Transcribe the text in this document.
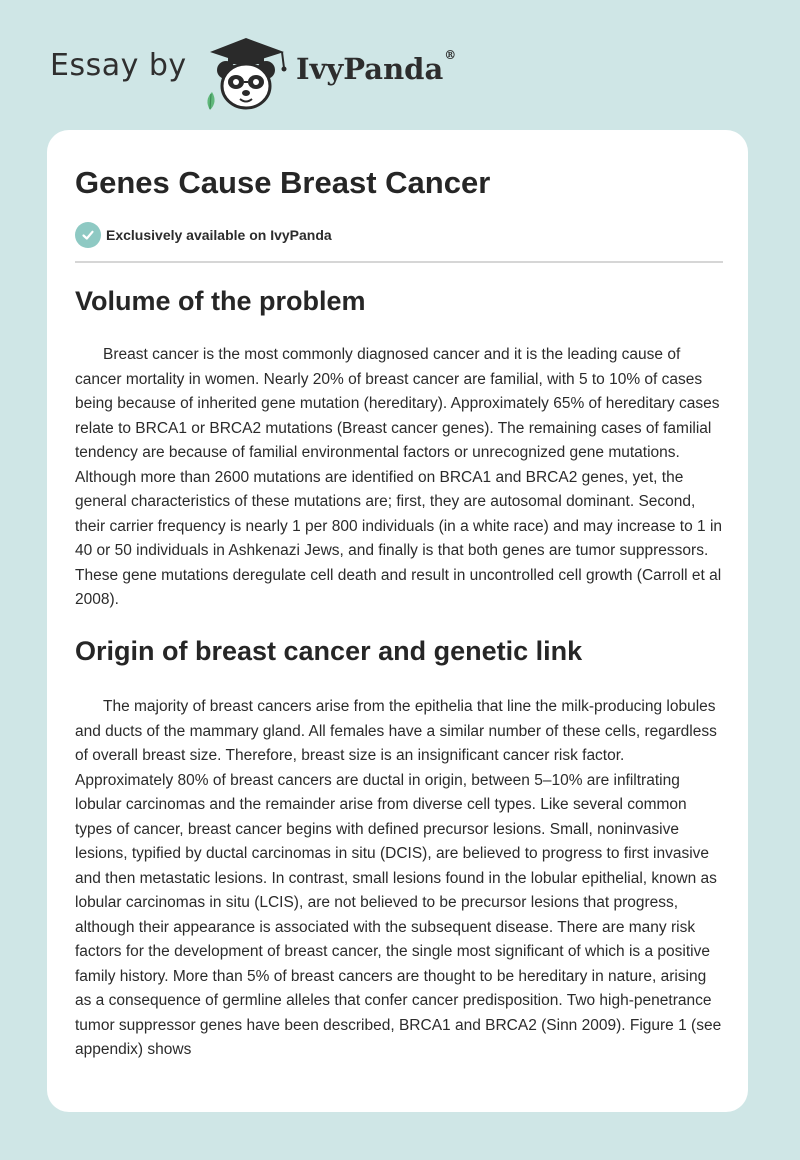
Essay by	IvyPanda®
Genes Cause Breast Cancer
Exclusively available on IvyPanda
Volume of the problem

Breast cancer is the most commonly diagnosed cancer and it is the leading cause of cancer mortality in women. Nearly 20% of breast cancer are familial, with 5 to 10% of cases being because of inherited gene mutation (hereditary). Approximately 65% of hereditary cases relate to BRCA1 or BRCA2 mutations (Breast cancer genes). The remaining cases of familial tendency are because of familial environmental factors or unrecognized gene mutations. Although more than 2600 mutations are identified on BRCA1 and BRCA2 genes, yet, the general characteristics of these mutations are; first, they are autosomal dominant. Second, their carrier frequency is nearly 1 per 800 individuals (in a white race) and may increase to 1 in 40 or 50 individuals in Ashkenazi Jews, and finally is that both genes are tumor suppressors. These gene mutations deregulate cell death and result in uncontrolled cell growth (Carroll et al 2008).

Origin of breast cancer and genetic link

The majority of breast cancers arise from the epithelia that line the milk-producing lobules and ducts of the mammary gland. All females have a similar number of these cells, regardless of overall breast size. Therefore, breast size is an insignificant cancer risk factor. Approximately 80% of breast cancers are ductal in origin, between 5–10% are infiltrating lobular carcinomas and the remainder arise from diverse cell types. Like several common types of cancer, breast cancer begins with defined precursor lesions. Small, noninvasive lesions, typified by ductal carcinomas in situ (DCIS), are believed to progress to first invasive and then metastatic lesions. In contrast, small lesions found in the lobular epithelial, known as lobular carcinomas in situ (LCIS), are not believed to be precursor lesions that progress, although their appearance is associated with the subsequent disease. There are many risk factors for the development of breast cancer, the single most significant of which is a positive family history. More than 5% of breast cancers are thought to be hereditary in nature, arising as a consequence of germline alleles that confer cancer predisposition. Two high-penetrance tumor suppressor genes have been described, BRCA1 and BRCA2 (Sinn 2009). Figure 1 (see appendix) shows
